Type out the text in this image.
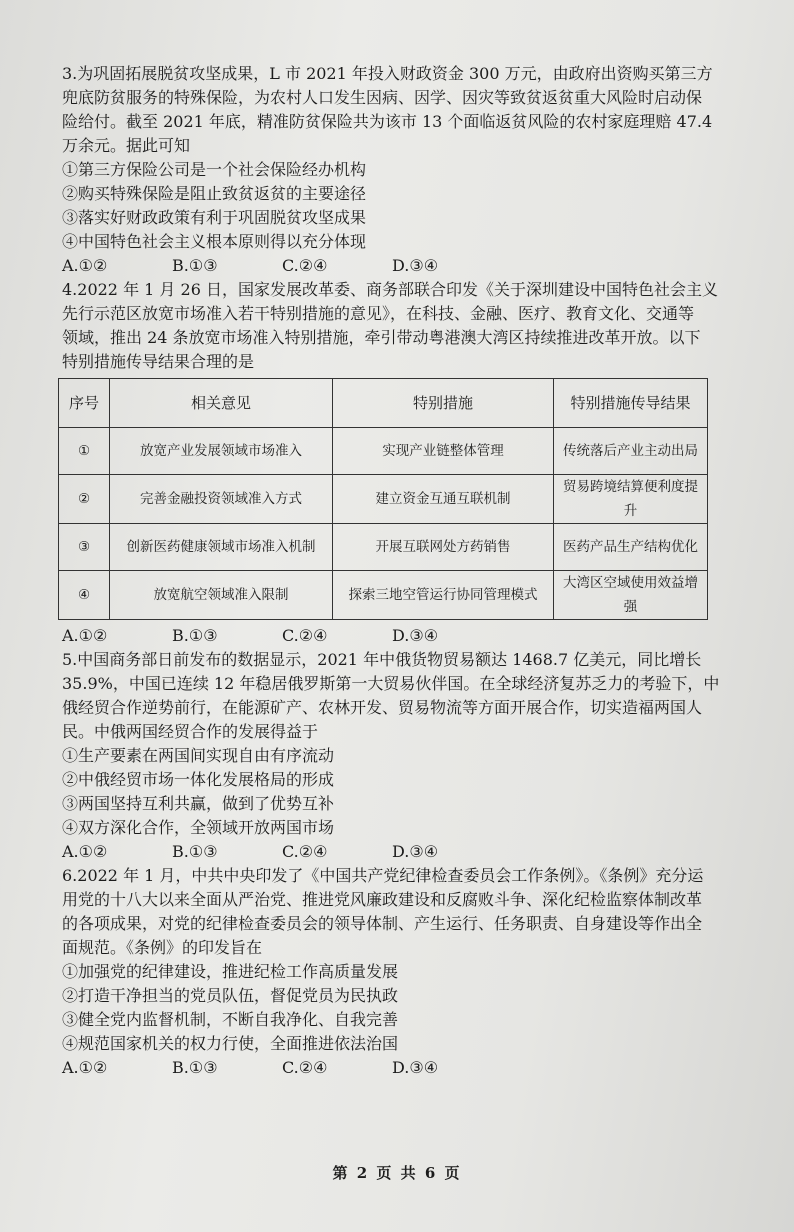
3.为巩固拓展脱贫攻坚成果，L 市 2021 年投入财政资金 300 万元，由政府出资购买第三方

兜底防贫服务的特殊保险，为农村人口发生因病、因学、因灾等致贫返贫重大风险时启动保

险给付。截至 2021 年底，精准防贫保险共为该市 13 个面临返贫风险的农村家庭理赔 47.4

万余元。据此可知

①第三方保险公司是一个社会保险经办机构

②购买特殊保险是阻止致贫返贫的主要途径

③落实好财政政策有利于巩固脱贫攻坚成果

④中国特色社会主义根本原则得以充分体现

A.①②	B.①③	C.②④	D.③④

4.2022 年 1 月 26 日，国家发展改革委、商务部联合印发《关于深圳建设中国特色社会主义

先行示范区放宽市场准入若干特别措施的意见》，在科技、金融、医疗、教育文化、交通等

领域，推出 24 条放宽市场准入特别措施，牵引带动粤港澳大湾区持续推进改革开放。以下

特别措施传导结果合理的是

序号	相关意见	特别措施	特别措施传导结果
①	放宽产业发展领域市场准入	实现产业链整体管理	传统落后产业主动出局
②	完善金融投资领域准入方式	建立资金互通互联机制	贸易跨境结算便利度提升
③	创新医药健康领域市场准入机制	开展互联网处方药销售	医药产品生产结构优化
④	放宽航空领域准入限制	探索三地空管运行协同管理模式	大湾区空域使用效益增强

A.①②	B.①③	C.②④	D.③④

5.中国商务部日前发布的数据显示，2021 年中俄货物贸易额达 1468.7 亿美元，同比增长

35.9%，中国已连续 12 年稳居俄罗斯第一大贸易伙伴国。在全球经济复苏乏力的考验下，中

俄经贸合作逆势前行，在能源矿产、农林开发、贸易物流等方面开展合作，切实造福两国人

民。中俄两国经贸合作的发展得益于

①生产要素在两国间实现自由有序流动

②中俄经贸市场一体化发展格局的形成

③两国坚持互利共赢，做到了优势互补

④双方深化合作，全领域开放两国市场

A.①②	B.①③	C.②④	D.③④

6.2022 年 1 月，中共中央印发了《中国共产党纪律检查委员会工作条例》。《条例》充分运

用党的十八大以来全面从严治党、推进党风廉政建设和反腐败斗争、深化纪检监察体制改革

的各项成果，对党的纪律检查委员会的领导体制、产生运行、任务职责、自身建设等作出全

面规范。《条例》的印发旨在

①加强党的纪律建设，推进纪检工作高质量发展

②打造干净担当的党员队伍，督促党员为民执政

③健全党内监督机制，不断自我净化、自我完善

④规范国家机关的权力行使，全面推进依法治国

A.①②	B.①③	C.②④	D.③④

第 2 页 共 6 页
